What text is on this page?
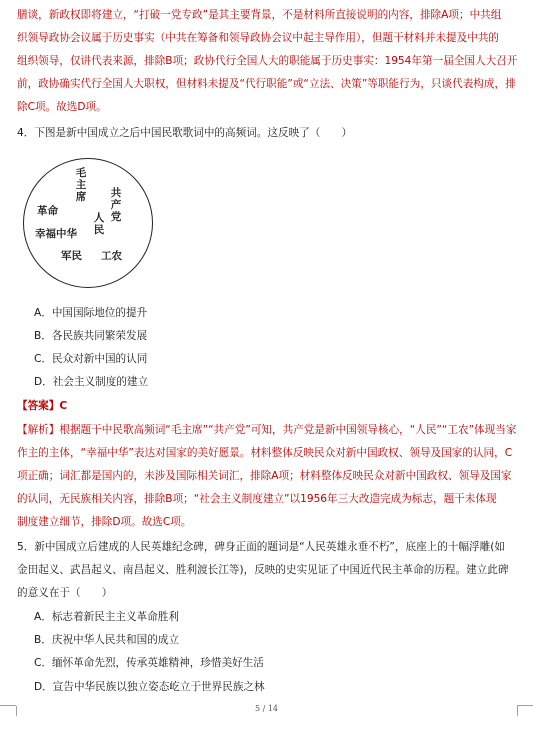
膳谈，新政权即将建立，“打破一党专政”是其主要背景，不是材料所直接说明的内容，排除A项；中共组
织领导政协会议属于历史事实（中共在筹备和领导政协会议中起主导作用），但题干材料并未提及中共的
组织领导，仅讲代表来源，排除B项；政协代行全国人大的职能属于历史事实：1954年第一届全国人大召开
前，政协确实代行全国人大职权，但材料未提及“代行职能”或“立法、决策”等职能行为，只谈代表构成，排
除C项。故选D项。
4．下图是新中国成立之后中国民歌歌词中的高频词。这反映了（　　）
毛主席 共产党
革命
人民
幸福中华
军民 工农
A．中国国际地位的提升
B．各民族共同繁荣发展
C．民众对新中国的认同
D．社会主义制度的建立
【答案】C
【解析】根据题干中民歌高频词“毛主席”“共产党”可知，共产党是新中国领导核心，“人民”“工农”体现当家
作主的主体，“幸福中华”表达对国家的美好愿景。材料整体反映民众对新中国政权、领导及国家的认同，C
项正确；词汇都是国内的，未涉及国际相关词汇，排除A项；材料整体反映民众对新中国政权、领导及国家
的认同，无民族相关内容，排除B项；“社会主义制度建立”以1956年三大改造完成为标志，题干未体现
制度建立细节，排除D项。故选C项。
5．新中国成立后建成的人民英雄纪念碑，碑身正面的题词是“人民英雄永垂不朽”，底座上的十幅浮雕(如
金田起义、武昌起义、南昌起义、胜利渡长江等)，反映的史实见证了中国近代民主革命的历程。建立此碑
的意义在于（　　）
A．标志着新民主主义革命胜利
B．庆祝中华人民共和国的成立
C．缅怀革命先烈，传承英雄精神，珍惜美好生活
D．宣告中华民族以独立姿态屹立于世界民族之林
5 / 14
